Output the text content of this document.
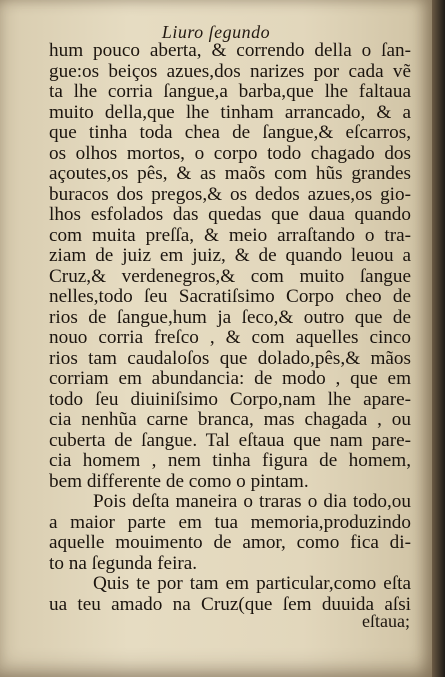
Liuro ſegundo
hum pouco aberta, & correndo della o ſan-
gue:os beiços azues,dos narizes por cada vẽ
ta lhe corria ſangue,a barba,que lhe faltaua
muito della,que lhe tinham arrancado, & a
que tinha toda chea de ſangue,& eſcarros,
os olhos mortos, o corpo todo chagado dos
açoutes,os pês, & as maõs com hũs grandes
buracos dos pregos,& os dedos azues,os gio-
lhos esfolados das quedas que daua quando
com muita preſſa, & meio arraſtando o tra-
ziam de juiz em juiz, & de quando leuou a
Cruz,& verdenegros,& com muito ſangue
nelles,todo ſeu Sacratiſsimo Corpo cheo de
rios de ſangue,hum ja ſeco,& outro que de
nouo corria freſco , & com aquelles cinco
rios tam caudaloſos que dolado,pês,& mãos
corriam em abundancia: de modo , que em
todo ſeu diuiniſsimo Corpo,nam lhe apare-
cia nenhũa carne branca, mas chagada , ou
cuberta de ſangue. Tal eſtaua que nam pare-
cia homem , nem tinha figura de homem,
bem differente de como o pintam.
Pois deſta maneira o traras o dia todo,ou
a maior parte em tua memoria,produzindo
aquelle mouimento de amor, como fica di-
to na ſegunda feira.
Quis te por tam em particular,como eſta
ua teu amado na Cruz(que ſem duuida aſsi
eſtaua;
